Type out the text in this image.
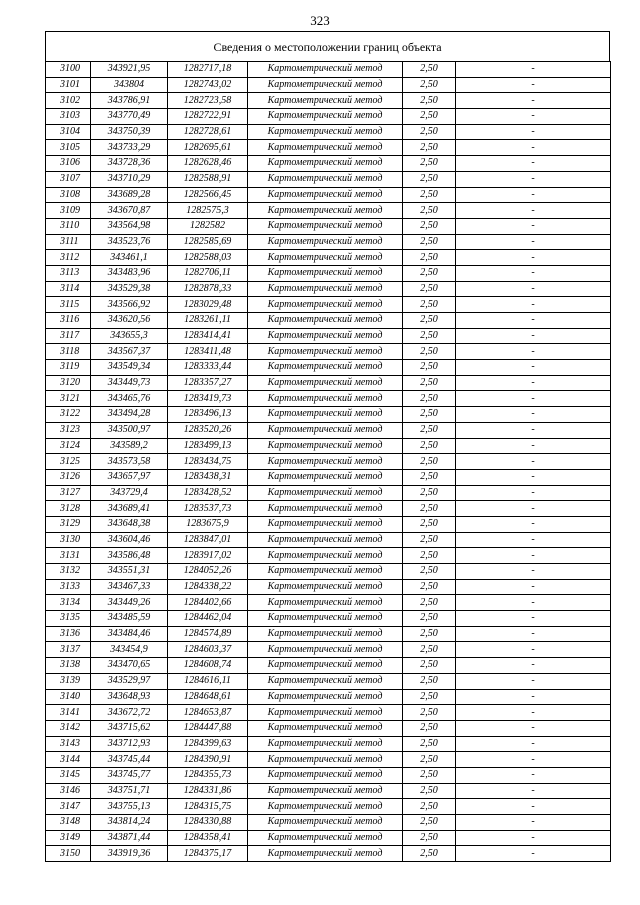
323
Сведения о местоположении границ объекта
3100	343921,95	1282717,18	Картометрический метод	2,50	-
3101	343804	1282743,02	Картометрический метод	2,50	-
3102	343786,91	1282723,58	Картометрический метод	2,50	-
3103	343770,49	1282722,91	Картометрический метод	2,50	-
3104	343750,39	1282728,61	Картометрический метод	2,50	-
3105	343733,29	1282695,61	Картометрический метод	2,50	-
3106	343728,36	1282628,46	Картометрический метод	2,50	-
3107	343710,29	1282588,91	Картометрический метод	2,50	-
3108	343689,28	1282566,45	Картометрический метод	2,50	-
3109	343670,87	1282575,3	Картометрический метод	2,50	-
3110	343564,98	1282582	Картометрический метод	2,50	-
3111	343523,76	1282585,69	Картометрический метод	2,50	-
3112	343461,1	1282588,03	Картометрический метод	2,50	-
3113	343483,96	1282706,11	Картометрический метод	2,50	-
3114	343529,38	1282878,33	Картометрический метод	2,50	-
3115	343566,92	1283029,48	Картометрический метод	2,50	-
3116	343620,56	1283261,11	Картометрический метод	2,50	-
3117	343655,3	1283414,41	Картометрический метод	2,50	-
3118	343567,37	1283411,48	Картометрический метод	2,50	-
3119	343549,34	1283333,44	Картометрический метод	2,50	-
3120	343449,73	1283357,27	Картометрический метод	2,50	-
3121	343465,76	1283419,73	Картометрический метод	2,50	-
3122	343494,28	1283496,13	Картометрический метод	2,50	-
3123	343500,97	1283520,26	Картометрический метод	2,50	-
3124	343589,2	1283499,13	Картометрический метод	2,50	-
3125	343573,58	1283434,75	Картометрический метод	2,50	-
3126	343657,97	1283438,31	Картометрический метод	2,50	-
3127	343729,4	1283428,52	Картометрический метод	2,50	-
3128	343689,41	1283537,73	Картометрический метод	2,50	-
3129	343648,38	1283675,9	Картометрический метод	2,50	-
3130	343604,46	1283847,01	Картометрический метод	2,50	-
3131	343586,48	1283917,02	Картометрический метод	2,50	-
3132	343551,31	1284052,26	Картометрический метод	2,50	-
3133	343467,33	1284338,22	Картометрический метод	2,50	-
3134	343449,26	1284402,66	Картометрический метод	2,50	-
3135	343485,59	1284462,04	Картометрический метод	2,50	-
3136	343484,46	1284574,89	Картометрический метод	2,50	-
3137	343454,9	1284603,37	Картометрический метод	2,50	-
3138	343470,65	1284608,74	Картометрический метод	2,50	-
3139	343529,97	1284616,11	Картометрический метод	2,50	-
3140	343648,93	1284648,61	Картометрический метод	2,50	-
3141	343672,72	1284653,87	Картометрический метод	2,50	-
3142	343715,62	1284447,88	Картометрический метод	2,50	-
3143	343712,93	1284399,63	Картометрический метод	2,50	-
3144	343745,44	1284390,91	Картометрический метод	2,50	-
3145	343745,77	1284355,73	Картометрический метод	2,50	-
3146	343751,71	1284331,86	Картометрический метод	2,50	-
3147	343755,13	1284315,75	Картометрический метод	2,50	-
3148	343814,24	1284330,88	Картометрический метод	2,50	-
3149	343871,44	1284358,41	Картометрический метод	2,50	-
3150	343919,36	1284375,17	Картометрический метод	2,50	-
